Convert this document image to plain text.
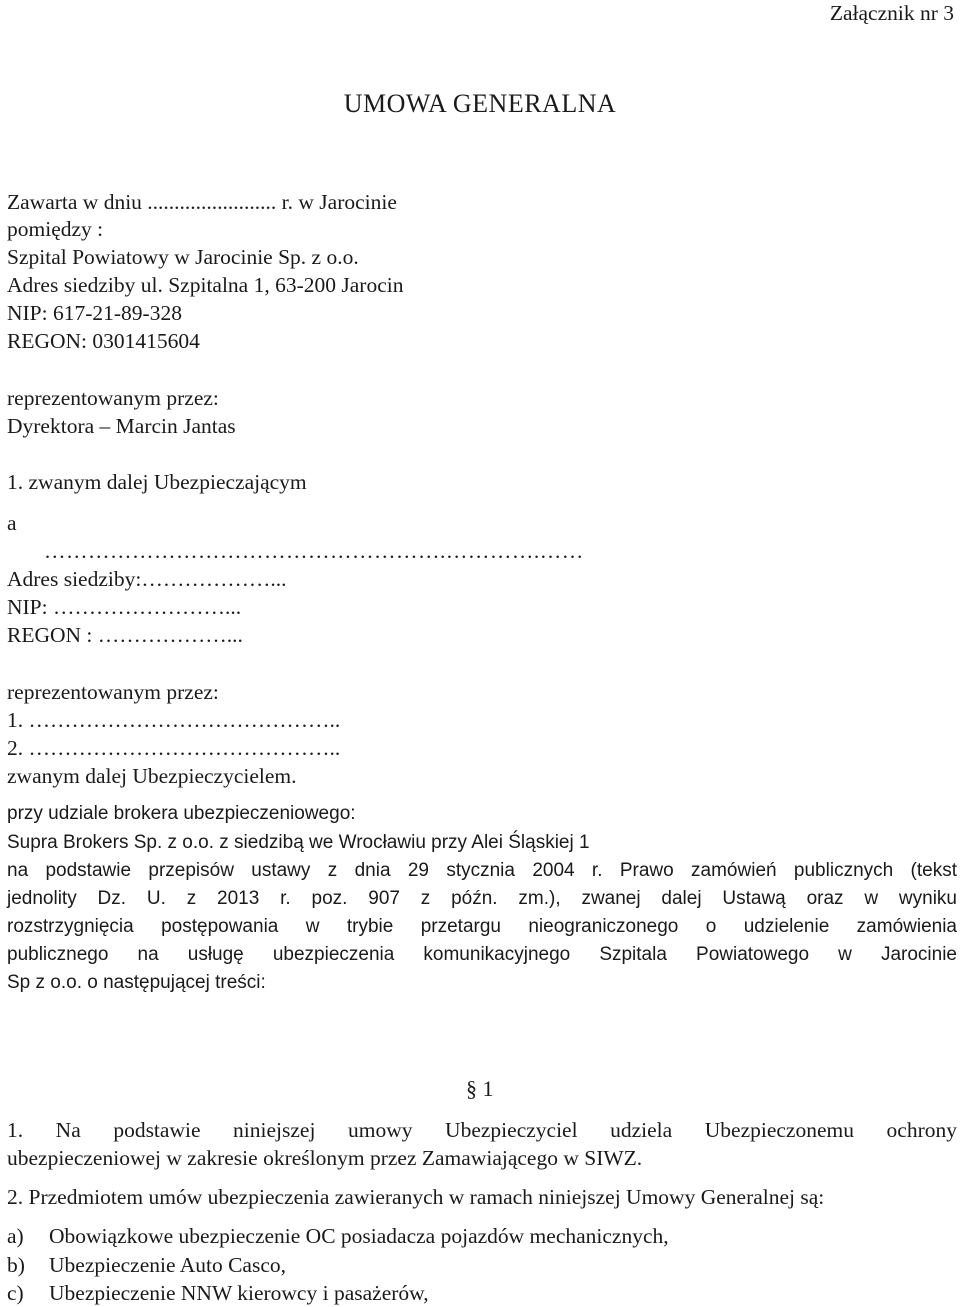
Załącznik nr 3
UMOWA GENERALNA
Zawarta w dniu ........................ r. w Jarocinie
pomiędzy :
Szpital Powiatowy w Jarocinie Sp. z o.o.
Adres siedziby ul. Szpitalna 1, 63-200 Jarocin
NIP: 617-21-89-328
REGON: 0301415604
reprezentowanym przez:
Dyrektora – Marcin Jantas
1. zwanym dalej Ubezpieczającym
a
……………………………………………….………….……
Adres siedziby:………………...
NIP: ……………………...
REGON : ………………...
reprezentowanym przez:
1. ……………………………………..
2. ……………………………………..
zwanym dalej Ubezpieczycielem.
przy udziale brokera ubezpieczeniowego:
Supra Brokers Sp. z o.o. z siedzibą we Wrocławiu przy Alei Śląskiej 1
na podstawie przepisów ustawy z dnia 29 stycznia 2004 r. Prawo zamówień publicznych (tekst
jednolity Dz. U. z 2013 r. poz. 907 z późn. zm.), zwanej dalej Ustawą oraz w wyniku
rozstrzygnięcia postępowania w trybie przetargu nieograniczonego o udzielenie zamówienia
publicznego na usługę ubezpieczenia komunikacyjnego Szpitala Powiatowego w Jarocinie
Sp z o.o. o następującej treści:
§ 1
1. Na podstawie niniejszej umowy Ubezpieczyciel udziela Ubezpieczonemu ochrony
ubezpieczeniowej w zakresie określonym przez Zamawiającego w SIWZ.
2. Przedmiotem umów ubezpieczenia zawieranych w ramach niniejszej Umowy Generalnej są:
a) Obowiązkowe ubezpieczenie OC posiadacza pojazdów mechanicznych,
b) Ubezpieczenie Auto Casco,
c) Ubezpieczenie NNW kierowcy i pasażerów,
